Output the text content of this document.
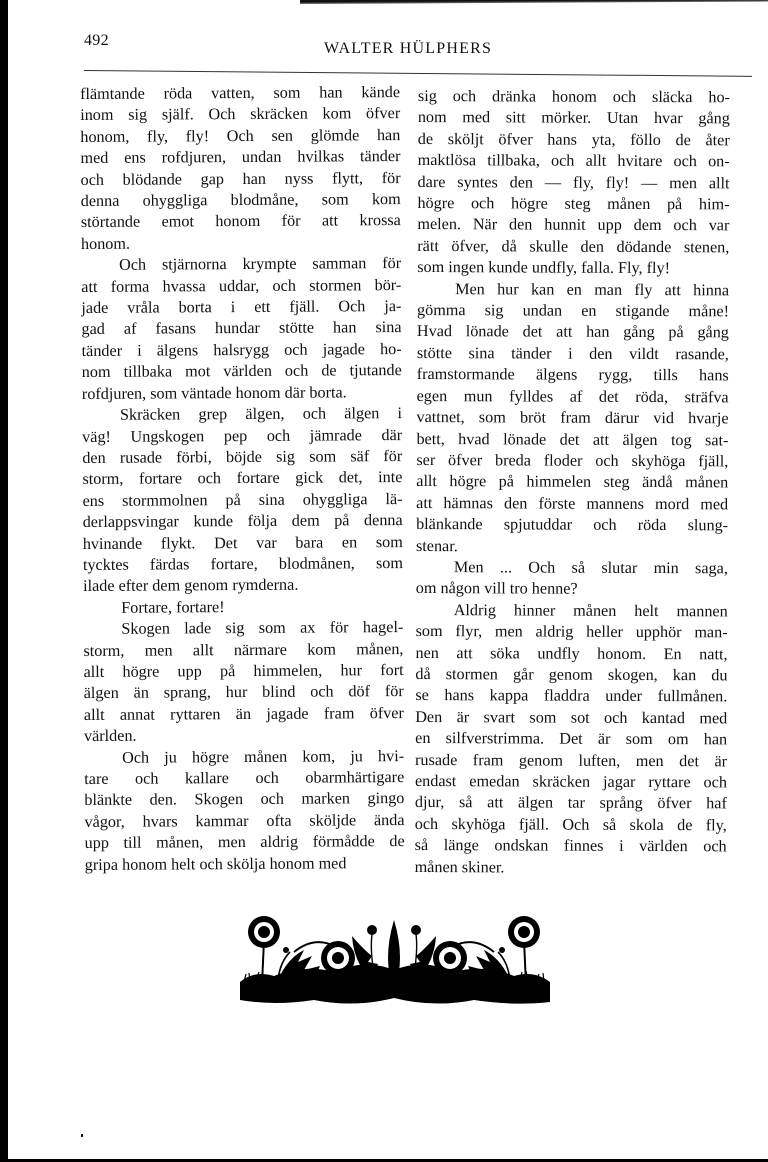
492	WALTER HÜLPHERS
flämtande röda vatten, som han kände
inom sig själf. Och skräcken kom öfver
honom, fly, fly! Och sen glömde han
med ens rofdjuren, undan hvilkas tänder
och blödande gap han nyss flytt, för
denna ohyggliga blodmåne, som kom
störtande emot honom för att krossa
honom.
Och stjärnorna krympte samman för
att forma hvassa uddar, och stormen bör-
jade vråla borta i ett fjäll. Och ja-
gad af fasans hundar stötte han sina
tänder i älgens halsrygg och jagade ho-
nom tillbaka mot världen och de tjutande
rofdjuren, som väntade honom där borta.
Skräcken grep älgen, och älgen i
väg! Ungskogen pep och jämrade där
den rusade förbi, böjde sig som säf för
storm, fortare och fortare gick det, inte
ens stormmolnen på sina ohyggliga lä-
derlappsvingar kunde följa dem på denna
hvinande flykt. Det var bara en som
tycktes färdas fortare, blodmånen, som
ilade efter dem genom rymderna.
Fortare, fortare!
Skogen lade sig som ax för hagel-
storm, men allt närmare kom månen,
allt högre upp på himmelen, hur fort
älgen än sprang, hur blind och döf för
allt annat ryttaren än jagade fram öfver
världen.
Och ju högre månen kom, ju hvi-
tare och kallare och obarmhärtigare
blänkte den. Skogen och marken gingo
vågor, hvars kammar ofta sköljde ända
upp till månen, men aldrig förmådde de
gripa honom helt och skölja honom med
sig och dränka honom och släcka ho-
nom med sitt mörker. Utan hvar gång
de sköljt öfver hans yta, föllo de åter
maktlösa tillbaka, och allt hvitare och on-
dare syntes den — fly, fly! — men allt
högre och högre steg månen på him-
melen. När den hunnit upp dem och var
rätt öfver, då skulle den dödande stenen,
som ingen kunde undfly, falla. Fly, fly!
Men hur kan en man fly att hinna
gömma sig undan en stigande måne!
Hvad lönade det att han gång på gång
stötte sina tänder i den vildt rasande,
framstormande älgens rygg, tills hans
egen mun fylldes af det röda, sträfva
vattnet, som bröt fram därur vid hvarje
bett, hvad lönade det att älgen tog sat-
ser öfver breda floder och skyhöga fjäll,
allt högre på himmelen steg ändå månen
att hämnas den förste mannens mord med
blänkande spjutuddar och röda slung-
stenar.
Men ... Och så slutar min saga,
om någon vill tro henne?
Aldrig hinner månen helt mannen
som flyr, men aldrig heller upphör man-
nen att söka undfly honom. En natt,
då stormen går genom skogen, kan du
se hans kappa fladdra under fullmånen.
Den är svart som sot och kantad med
en silfverstrimma. Det är som om han
rusade fram genom luften, men det är
endast emedan skräcken jagar ryttare och
djur, så att älgen tar språng öfver haf
och skyhöga fjäll. Och så skola de fly,
så länge ondskan finnes i världen och
månen skiner.
